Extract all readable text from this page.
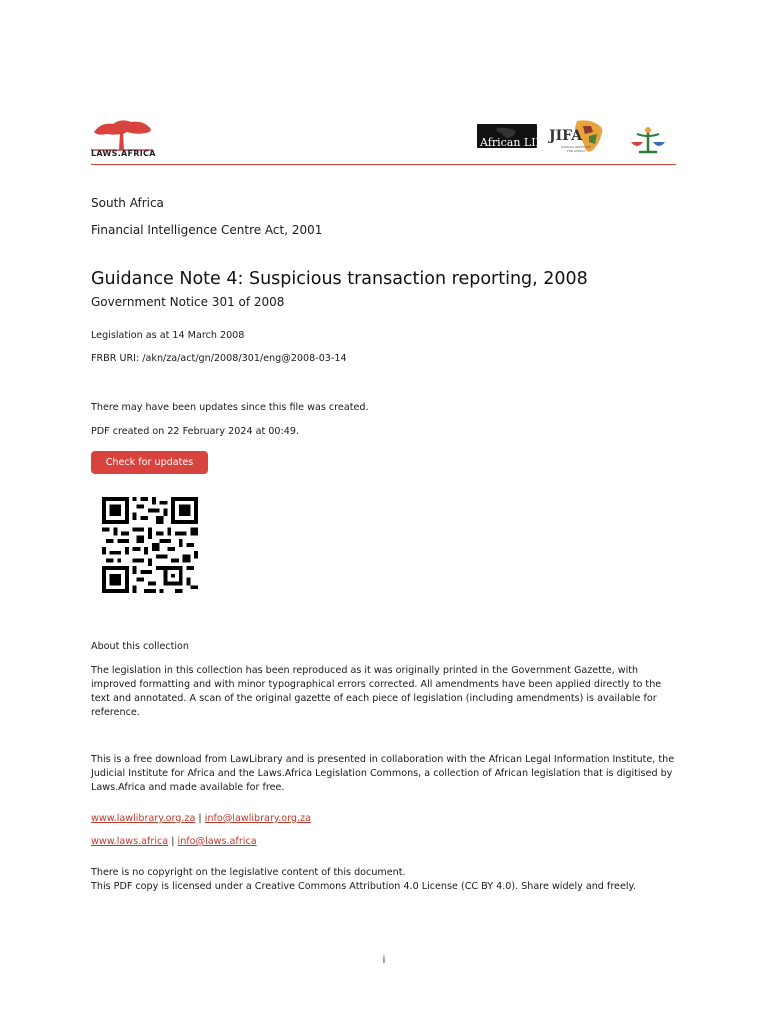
LAWS.AFRICA
African LII JIFA
JUDICIAL INSTITUTE FOR AFRICA
South Africa
Financial Intelligence Centre Act, 2001
Guidance Note 4: Suspicious transaction reporting, 2008
Government Notice 301 of 2008
Legislation as at 14 March 2008
FRBR URI: /akn/za/act/gn/2008/301/eng@2008-03-14
There may have been updates since this file was created.
PDF created on 22 February 2024 at 00:49.
Check for updates
About this collection
The legislation in this collection has been reproduced as it was originally printed in the Government Gazette, with improved formatting and with minor typographical errors corrected. All amendments have been applied directly to the text and annotated. A scan of the original gazette of each piece of legislation (including amendments) is available for reference.
This is a free download from LawLibrary and is presented in collaboration with the African Legal Information Institute, the Judicial Institute for Africa and the Laws.Africa Legislation Commons, a collection of African legislation that is digitised by Laws.Africa and made available for free.
www.lawlibrary.org.za | info@lawlibrary.org.za
www.laws.africa | info@laws.africa
There is no copyright on the legislative content of this document.
This PDF copy is licensed under a Creative Commons Attribution 4.0 License (CC BY 4.0). Share widely and freely.
i
